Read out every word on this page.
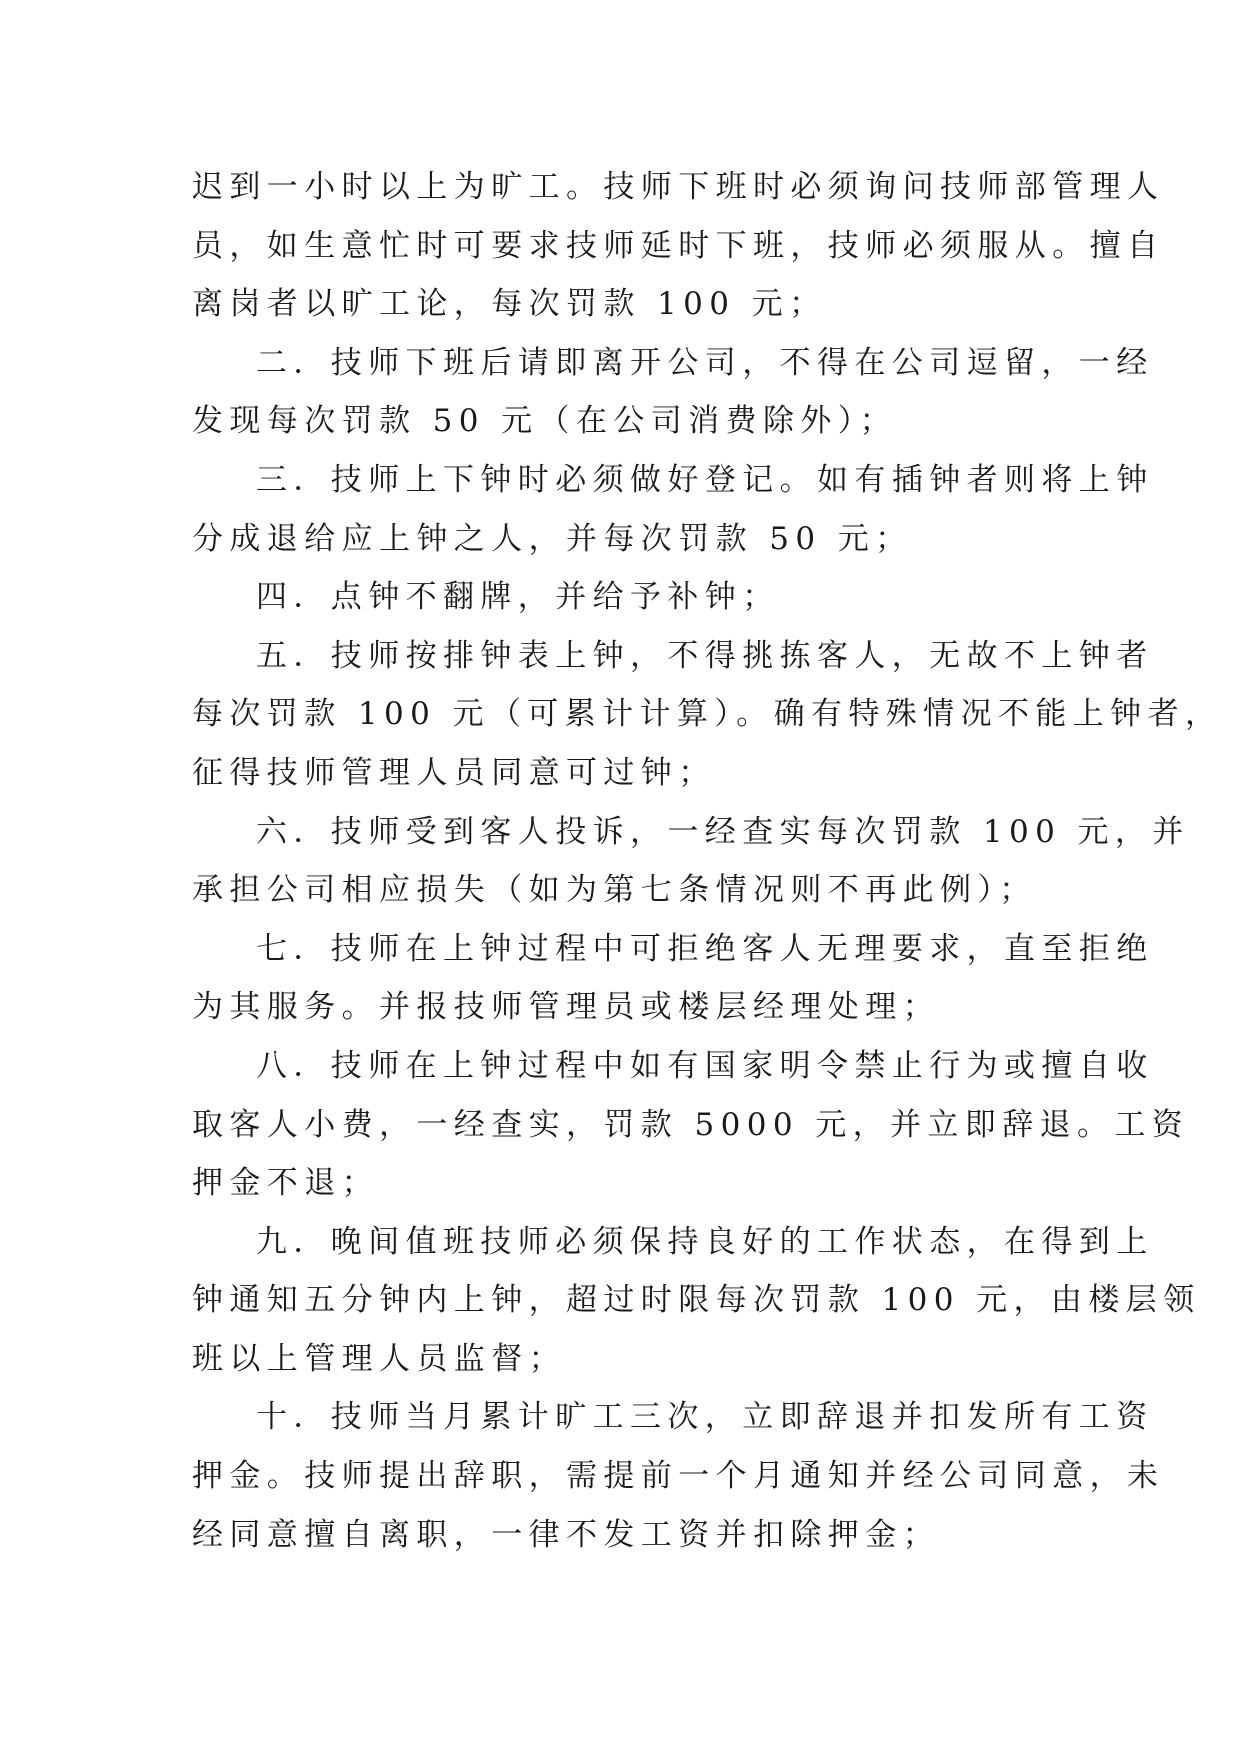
迟到一小时以上为旷工。技师下班时必须询问技师部管理人
员，如生意忙时可要求技师延时下班，技师必须服从。擅自
离岗者以旷工论，每次罚款 100 元；

二．技师下班后请即离开公司，不得在公司逗留，一经
发现每次罚款 50 元（在公司消费除外）；

三．技师上下钟时必须做好登记。如有插钟者则将上钟
分成退给应上钟之人，并每次罚款 50 元；

四．点钟不翻牌，并给予补钟；

五．技师按排钟表上钟，不得挑拣客人，无故不上钟者
每次罚款 100 元（可累计计算）。确有特殊情况不能上钟者，
征得技师管理人员同意可过钟；

六．技师受到客人投诉，一经查实每次罚款 100 元，并
承担公司相应损失（如为第七条情况则不再此例）；

七．技师在上钟过程中可拒绝客人无理要求，直至拒绝
为其服务。并报技师管理员或楼层经理处理；

八．技师在上钟过程中如有国家明令禁止行为或擅自收
取客人小费，一经查实，罚款 5000 元，并立即辞退。工资
押金不退；

九．晚间值班技师必须保持良好的工作状态，在得到上
钟通知五分钟内上钟，超过时限每次罚款 100 元，由楼层领
班以上管理人员监督；

十．技师当月累计旷工三次，立即辞退并扣发所有工资
押金。技师提出辞职，需提前一个月通知并经公司同意，未
经同意擅自离职，一律不发工资并扣除押金；
